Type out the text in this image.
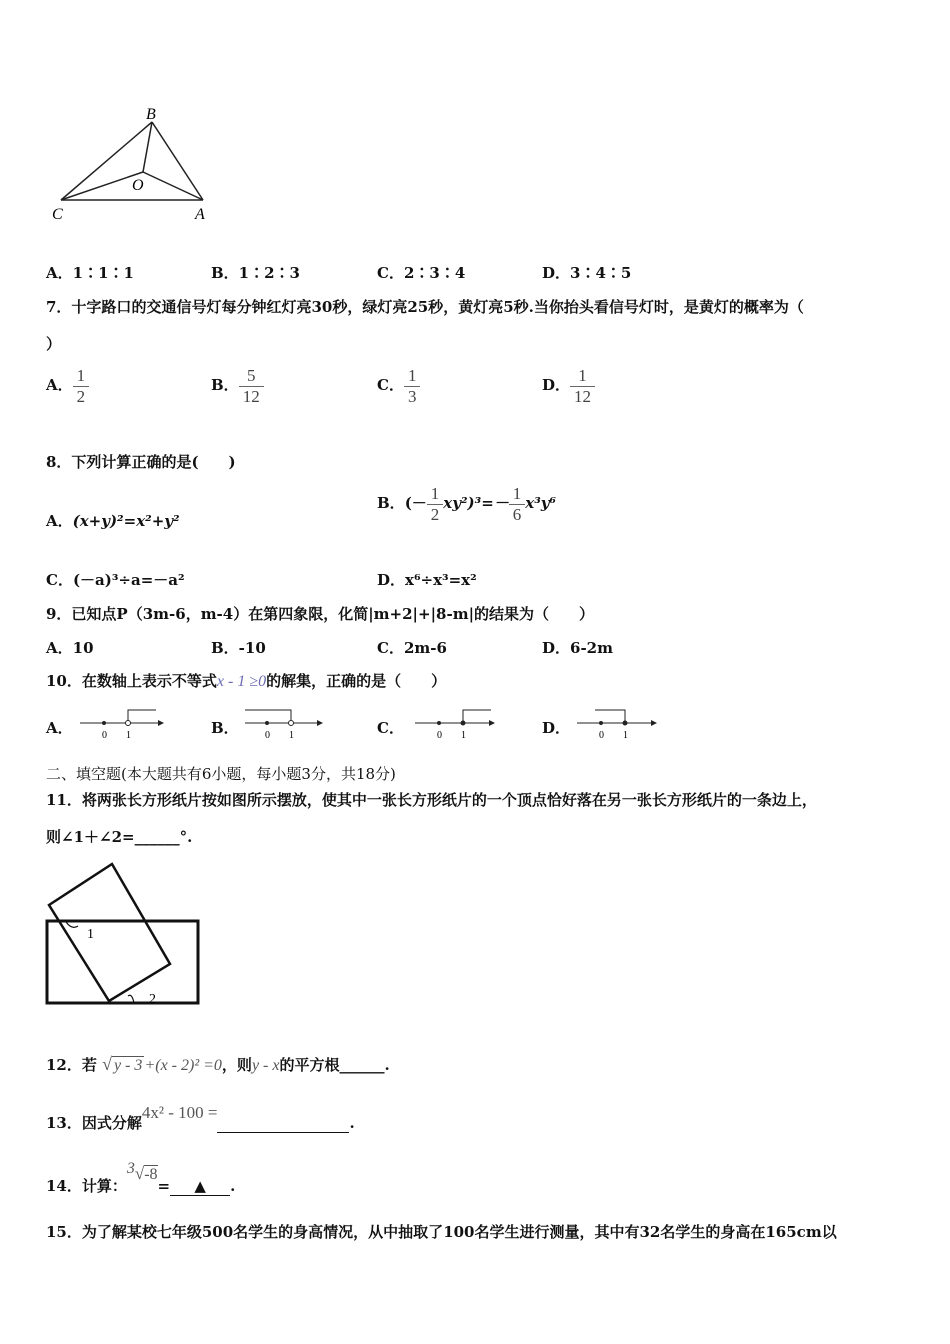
B
O
C	A
A．1∶1∶1	B．1∶2∶3	C．2∶3∶4	D．3∶4∶5
7．十字路口的交通信号灯每分钟红灯亮30秒，绿灯亮25秒，黄灯亮5秒.当你抬头看信号灯时，是黄灯的概率为（
）
A． $\frac{1}{2}$	B． $\frac{5}{12}$	C． $\frac{1}{3}$	D． $\frac{1}{12}$
8．下列计算正确的是(　　)
A．(x+y)²=x²+y²
B．(－ $\frac{1}{2} xy^2)^3=- \frac{1}{6} x^3y^6$
C．(－a)³÷a=－a²	D．x⁶÷x³=x²
9．已知点P（3m-6，m-4）在第四象限，化简|m+2|+|8-m|的结果为（　　）
A．10	B．-10	C．2m-6	D．6-2m
10．在数轴上表示不等式x - 1 ≥0的解集，正确的是（　　）
A．	0 1	B．	0 1	C．	0 1	D．	0 1
二、填空题(本大题共有6小题，每小题3分，共18分)
11．将两张长方形纸片按如图所示摆放，使其中一张长方形纸片的一个顶点恰好落在另一张长方形纸片的一条边上，
则∠1＋∠2=______°.
1
2
12．若 √ y - 3 +(x - 2)² =0，则y - x的平方根______.
13．因式分解4x² - 100 = .
14．计算：$^3$√-8= ▲ .
15．为了解某校七年级500名学生的身高情况，从中抽取了100名学生进行测量，其中有32名学生的身高在165cm以
